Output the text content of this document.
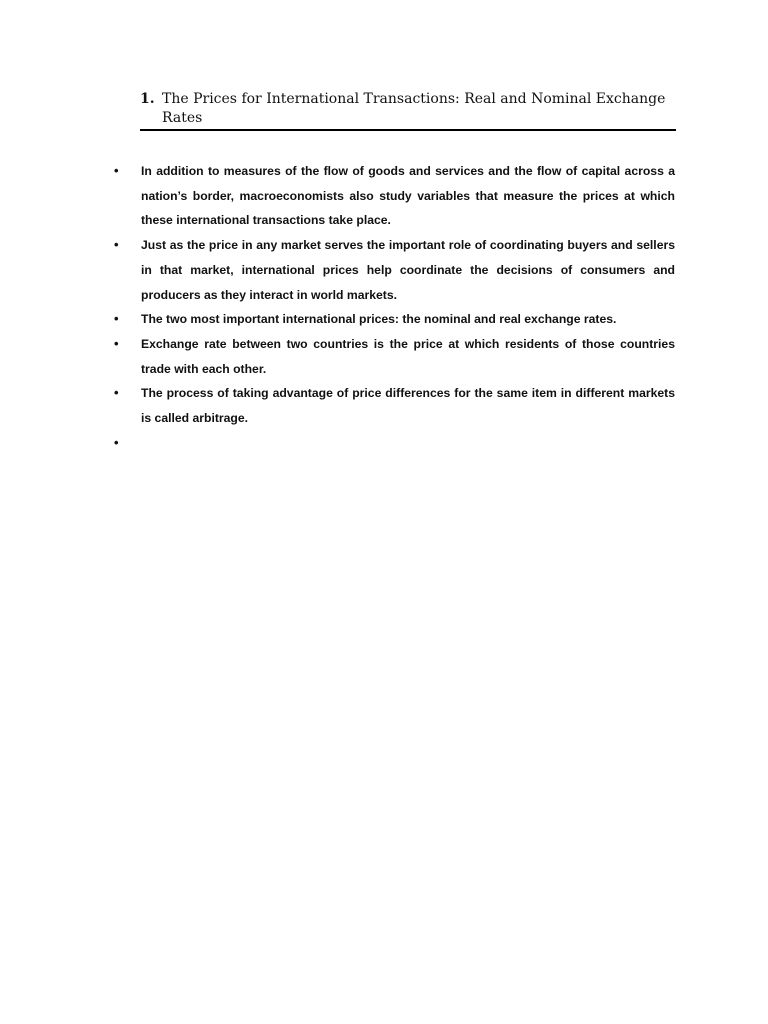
1. The Prices for International Transactions: Real and Nominal Exchange Rates
•	In addition to measures of the flow of goods and services and the flow of capital across a nation’s border, macroeconomists also study variables that measure the prices at which these international transactions take place.
•	Just as the price in any market serves the important role of coordinating buyers and sellers in that market, international prices help coordinate the decisions of consumers and producers as they interact in world markets.
•	The two most important international prices: the nominal and real exchange rates.
•	Exchange rate between two countries is the price at which residents of those countries trade with each other.
•	The process of taking advantage of price differences for the same item in different markets is called arbitrage.
•
